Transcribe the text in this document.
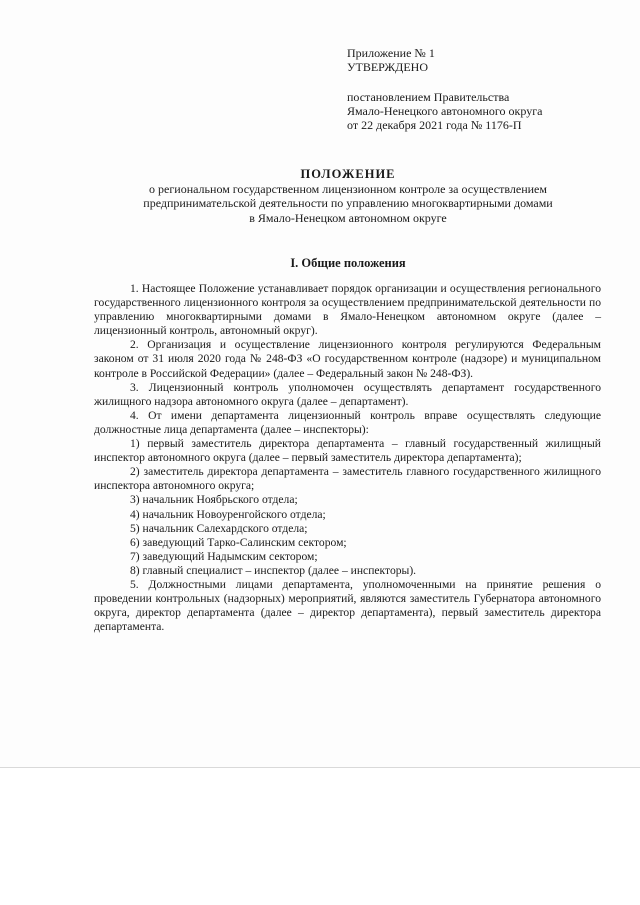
Приложение № 1
УТВЕРЖДЕНО
постановлением Правительства
Ямало-Ненецкого автономного округа
от 22 декабря 2021 года № 1176-П
ПОЛОЖЕНИЕ
о региональном государственном лицензионном контроле за осуществлением
предпринимательской деятельности по управлению многоквартирными домами
в Ямало-Ненецком автономном округе
I. Общие положения

1. Настоящее Положение устанавливает порядок организации и осуществления регионального государственного лицензионного контроля за осуществлением предпринимательской деятельности по управлению многоквартирными домами в Ямало-Ненецком автономном округе (далее – лицензионный контроль, автономный округ).

2. Организация и осуществление лицензионного контроля регулируются Федеральным законом от 31 июля 2020 года № 248-ФЗ «О государственном контроле (надзоре) и муниципальном контроле в Российской Федерации» (далее – Федеральный закон № 248-ФЗ).

3. Лицензионный контроль уполномочен осуществлять департамент государственного жилищного надзора автономного округа (далее – департамент).

4. От имени департамента лицензионный контроль вправе осуществлять следующие должностные лица департамента (далее – инспекторы):

1) первый заместитель директора департамента – главный государственный жилищный инспектор автономного округа (далее – первый заместитель директора департамента);

2) заместитель директора департамента – заместитель главного государственного жилищного инспектора автономного округа;

3) начальник Ноябрьского отдела;

4) начальник Новоуренгойского отдела;

5) начальник Салехардского отдела;

6) заведующий Тарко-Салинским сектором;

7) заведующий Надымским сектором;

8) главный специалист – инспектор (далее – инспекторы).

5. Должностными лицами департамента, уполномоченными на принятие решения о проведении контрольных (надзорных) мероприятий, являются заместитель Губернатора автономного округа, директор департамента (далее – директор департамента), первый заместитель директора департамента.
